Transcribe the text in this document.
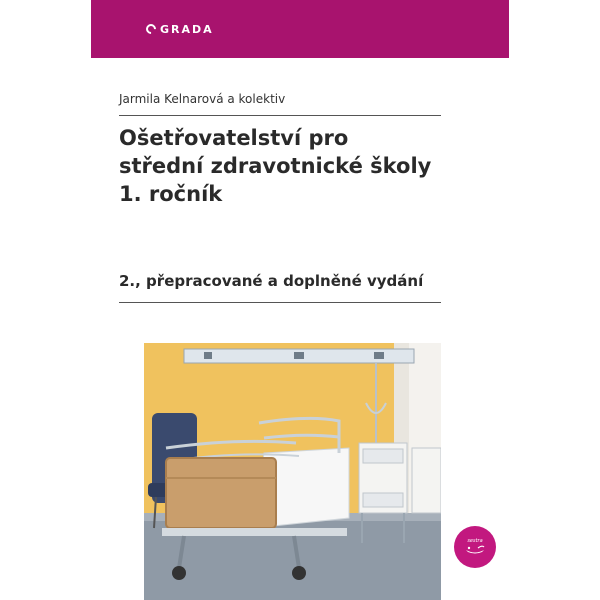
GRADA
Jarmila Kelnarová a kolektiv
Ošetřovatelství pro
střední zdravotnické školy
1. ročník
2., přepracované a doplněné vydání
sestra
